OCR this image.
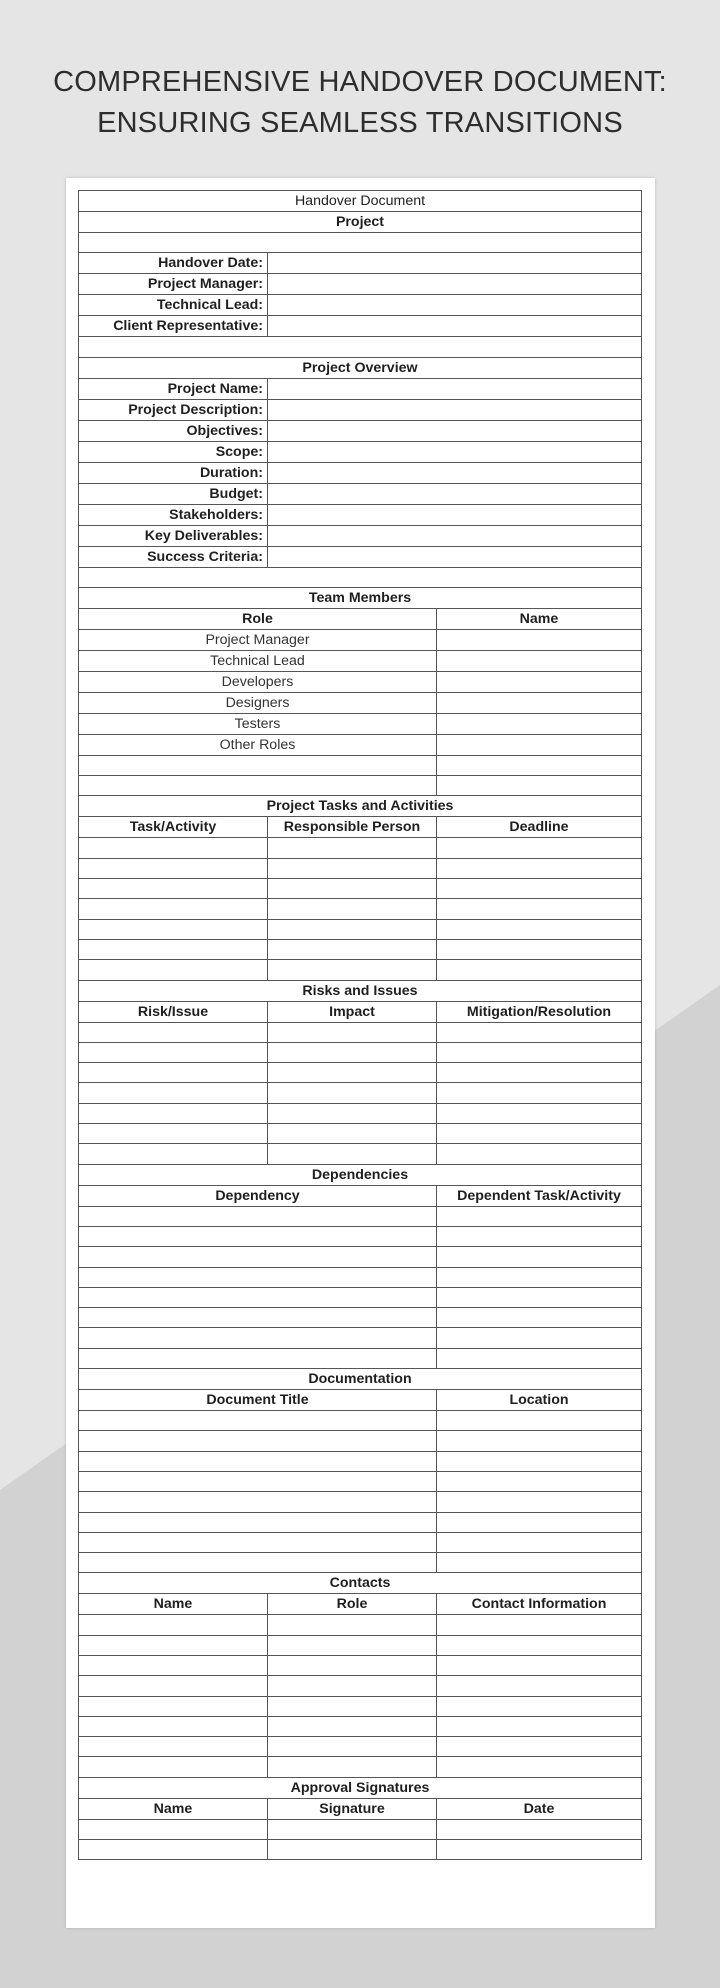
COMPREHENSIVE HANDOVER DOCUMENT:
ENSURING SEAMLESS TRANSITIONS
Handover Document		
Project		

Handover Date:		
Project Manager:		
Technical Lead:		
Client Representative:		

Project Overview		
Project Name:		
Project Description:		
Objectives:		
Scope:		
Duration:		
Budget:		
Stakeholders:		
Key Deliverables:		
Success Criteria:		

Team Members		
Role		Name
Project Manager		
Technical Lead		
Developers		
Designers		
Testers		
Other Roles		

Project Tasks and Activities		
Task/Activity	Responsible Person	Deadline

Risks and Issues		
Risk/Issue	Impact	Mitigation/Resolution

Dependencies		
Dependency		Dependent Task/Activity

Documentation		
Document Title		Location

Contacts		
Name	Role	Contact Information

Approval Signatures		
Name	Signature	Date
